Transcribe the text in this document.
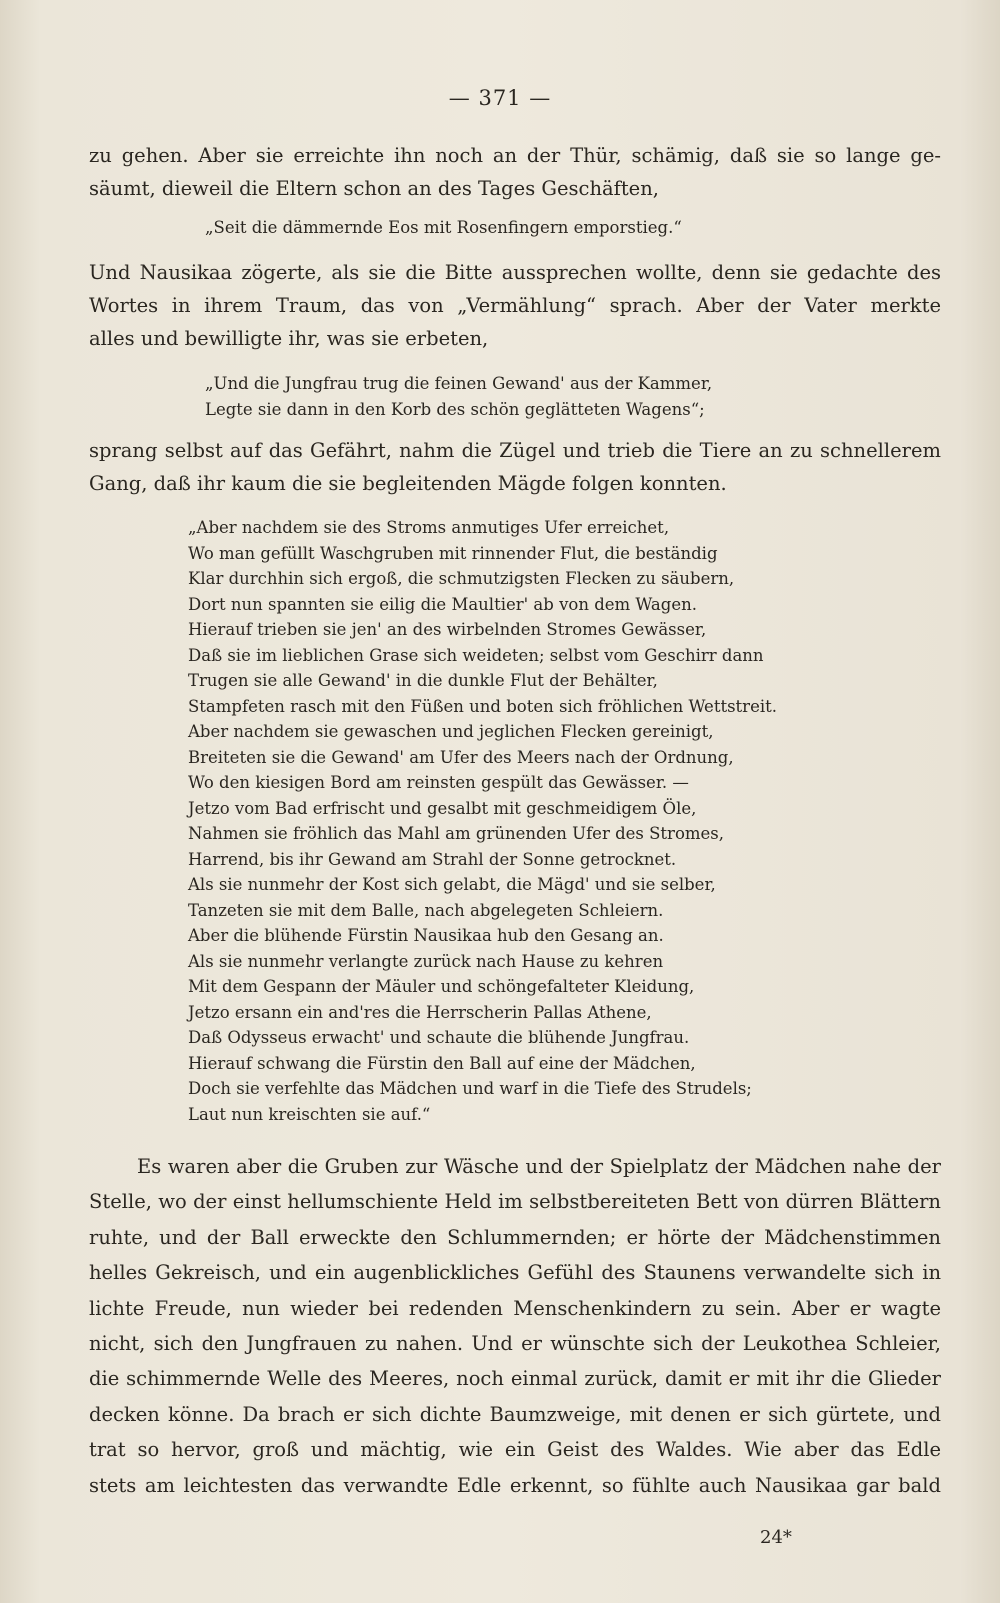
— 371 —

zu gehen. Aber sie erreichte ihn noch an der Thür, schämig, daß sie so lange ge-
säumt, dieweil die Eltern schon an des Tages Geschäften,

„Seit die dämmernde Eos mit Rosenfingern emporstieg.“

Und Nausikaa zögerte, als sie die Bitte aussprechen wollte, denn sie gedachte des
Wortes in ihrem Traum, das von „Vermählung“ sprach. Aber der Vater merkte
alles und bewilligte ihr, was sie erbeten,

„Und die Jungfrau trug die feinen Gewand' aus der Kammer,
Legte sie dann in den Korb des schön geglätteten Wagens“;

sprang selbst auf das Gefährt, nahm die Zügel und trieb die Tiere an zu schnellerem
Gang, daß ihr kaum die sie begleitenden Mägde folgen konnten.

„Aber nachdem sie des Stroms anmutiges Ufer erreichet,
Wo man gefüllt Waschgruben mit rinnender Flut, die beständig
Klar durchhin sich ergoß, die schmutzigsten Flecken zu säubern,
Dort nun spannten sie eilig die Maultier' ab von dem Wagen.
Hierauf trieben sie jen' an des wirbelnden Stromes Gewässer,
Daß sie im lieblichen Grase sich weideten; selbst vom Geschirr dann
Trugen sie alle Gewand' in die dunkle Flut der Behälter,
Stampfeten rasch mit den Füßen und boten sich fröhlichen Wettstreit.
Aber nachdem sie gewaschen und jeglichen Flecken gereinigt,
Breiteten sie die Gewand' am Ufer des Meers nach der Ordnung,
Wo den kiesigen Bord am reinsten gespült das Gewässer. —
Jetzo vom Bad erfrischt und gesalbt mit geschmeidigem Öle,
Nahmen sie fröhlich das Mahl am grünenden Ufer des Stromes,
Harrend, bis ihr Gewand am Strahl der Sonne getrocknet.
Als sie nunmehr der Kost sich gelabt, die Mägd' und sie selber,
Tanzeten sie mit dem Balle, nach abgelegeten Schleiern.
Aber die blühende Fürstin Nausikaa hub den Gesang an.
Als sie nunmehr verlangte zurück nach Hause zu kehren
Mit dem Gespann der Mäuler und schöngefalteter Kleidung,
Jetzo ersann ein and'res die Herrscherin Pallas Athene,
Daß Odysseus erwacht' und schaute die blühende Jungfrau.
Hierauf schwang die Fürstin den Ball auf eine der Mädchen,
Doch sie verfehlte das Mädchen und warf in die Tiefe des Strudels;
Laut nun kreischten sie auf.“

Es waren aber die Gruben zur Wäsche und der Spielplatz der Mädchen nahe der
Stelle, wo der einst hellumschiente Held im selbstbereiteten Bett von dürren Blättern
ruhte, und der Ball erweckte den Schlummernden; er hörte der Mädchenstimmen
helles Gekreisch, und ein augenblickliches Gefühl des Staunens verwandelte sich in
lichte Freude, nun wieder bei redenden Menschenkindern zu sein. Aber er wagte
nicht, sich den Jungfrauen zu nahen. Und er wünschte sich der Leukothea Schleier,
die schimmernde Welle des Meeres, noch einmal zurück, damit er mit ihr die Glieder
decken könne. Da brach er sich dichte Baumzweige, mit denen er sich gürtete, und
trat so hervor, groß und mächtig, wie ein Geist des Waldes. Wie aber das Edle
stets am leichtesten das verwandte Edle erkennt, so fühlte auch Nausikaa gar bald

24*
